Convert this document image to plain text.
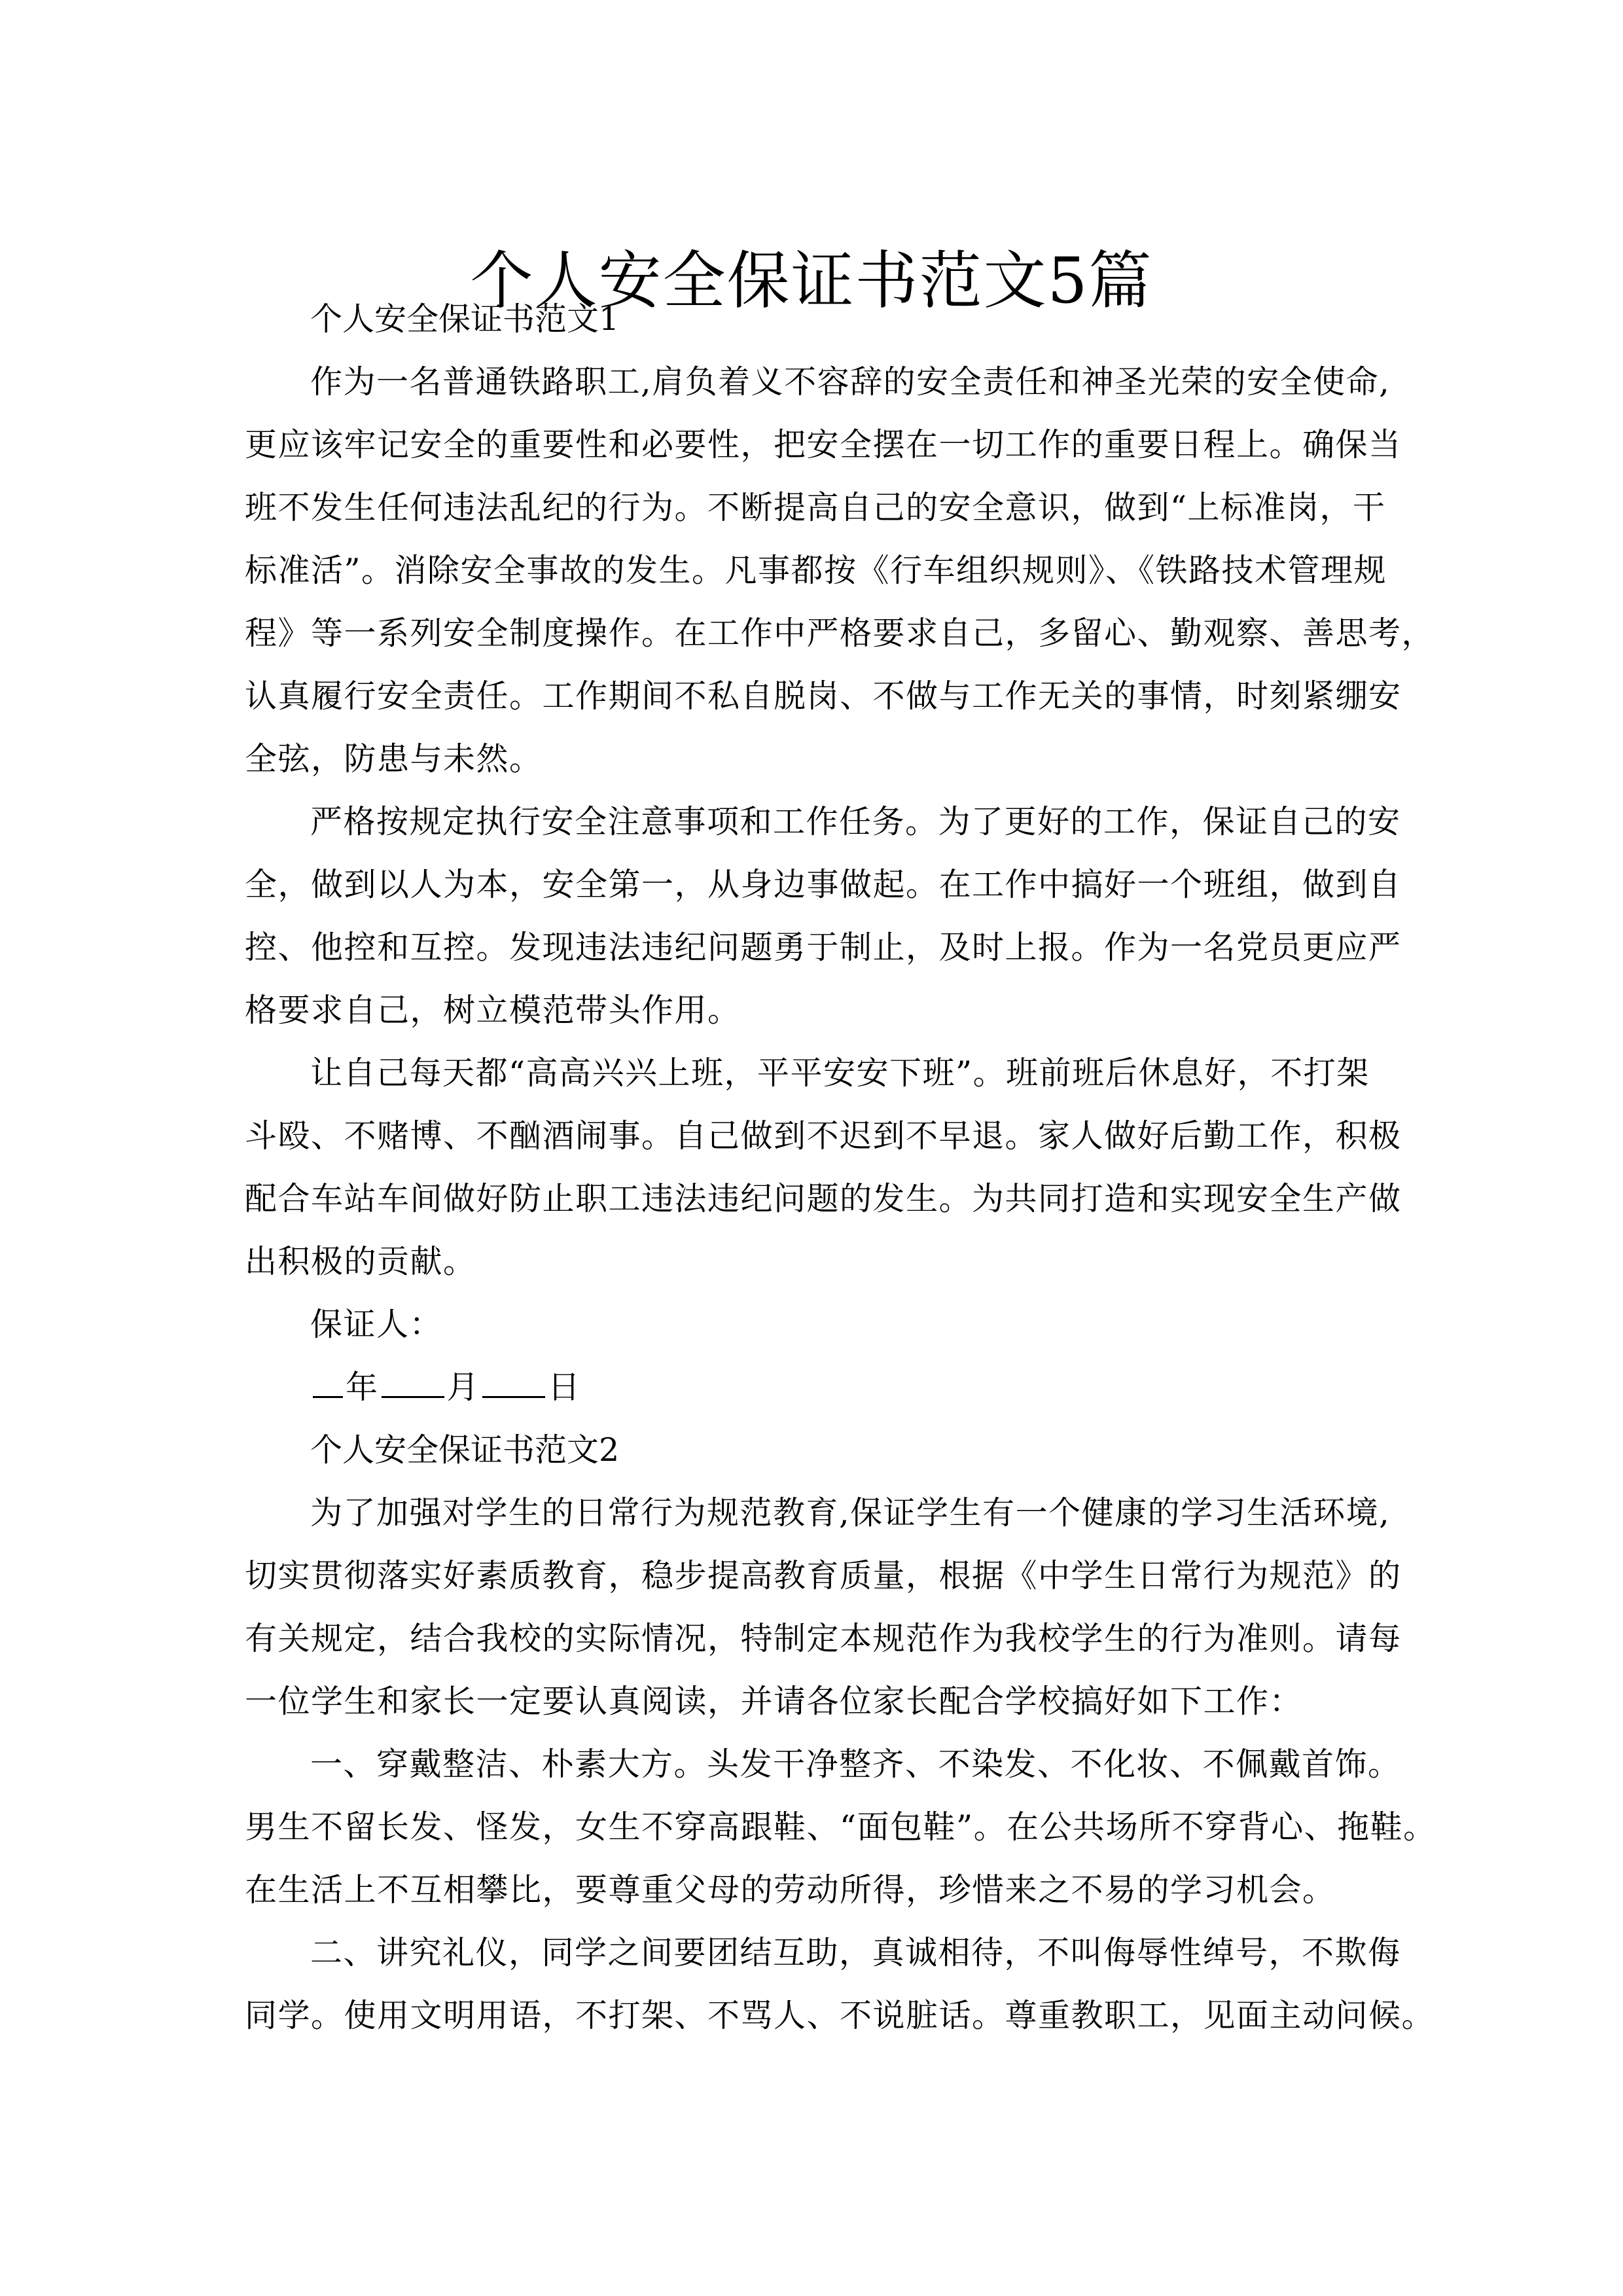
个人安全保证书范文5篇
个人安全保证书范文1
作为一名普通铁路职工,肩负着义不容辞的安全责任和神圣光荣的安全使命,
更应该牢记安全的重要性和必要性，把安全摆在一切工作的重要日程上。确保当
班不发生任何违法乱纪的行为。不断提高自己的安全意识，做到“上标准岗，干
标准活”。消除安全事故的发生。凡事都按《行车组织规则》、《铁路技术管理规
程》等一系列安全制度操作。在工作中严格要求自己，多留心、勤观察、善思考，
认真履行安全责任。工作期间不私自脱岗、不做与工作无关的事情，时刻紧绷安
全弦，防患与未然。
严格按规定执行安全注意事项和工作任务。为了更好的工作，保证自己的安
全，做到以人为本，安全第一，从身边事做起。在工作中搞好一个班组，做到自
控、他控和互控。发现违法违纪问题勇于制止，及时上报。作为一名党员更应严
格要求自己，树立模范带头作用。
让自己每天都“高高兴兴上班，平平安安下班”。班前班后休息好，不打架
斗殴、不赌博、不酗酒闹事。自己做到不迟到不早退。家人做好后勤工作，积极
配合车站车间做好防止职工违法违纪问题的发生。为共同打造和实现安全生产做
出积极的贡献。
保证人：
年 月 日
个人安全保证书范文2
为了加强对学生的日常行为规范教育,保证学生有一个健康的学习生活环境,
切实贯彻落实好素质教育，稳步提高教育质量，根据《中学生日常行为规范》的
有关规定，结合我校的实际情况，特制定本规范作为我校学生的行为准则。请每
一位学生和家长一定要认真阅读，并请各位家长配合学校搞好如下工作：
一、穿戴整洁、朴素大方。头发干净整齐、不染发、不化妆、不佩戴首饰。
男生不留长发、怪发，女生不穿高跟鞋、“面包鞋”。在公共场所不穿背心、拖鞋。
在生活上不互相攀比，要尊重父母的劳动所得，珍惜来之不易的学习机会。
二、讲究礼仪，同学之间要团结互助，真诚相待，不叫侮辱性绰号，不欺侮
同学。使用文明用语，不打架、不骂人、不说脏话。尊重教职工，见面主动问候。
